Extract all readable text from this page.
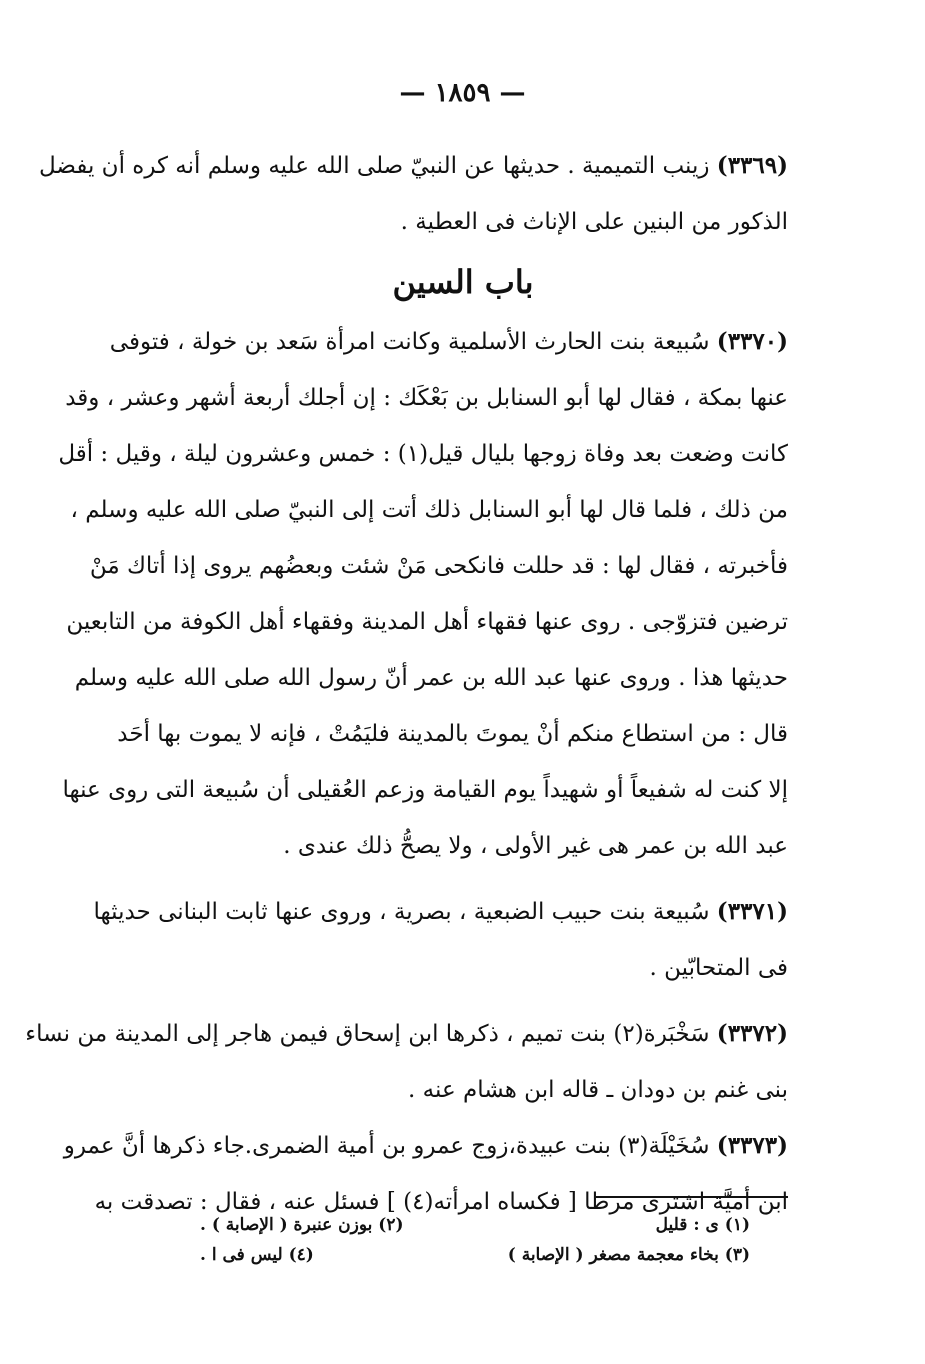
— ١٨٥٩ —
(٣٣٦٩) زينب التميمية . حديثها عن النبيّ صلى الله عليه وسلم أنه كره أن يفضل
الذكور من البنين على الإناث فى العطية .
باب السين
(٣٣٧٠) سُبيعة بنت الحارث الأسلمية وكانت امرأة سَعد بن خولة ، فتوفى
عنها بمكة ، فقال لها أبو السنابل بن بَعْكَك : إن أجلك أربعة أشهر وعشر ، وقد
كانت وضعت بعد وفاة زوجها بليال قيل(١) : خمس وعشرون ليلة ، وقيل : أقل
من ذلك ، فلما قال لها أبو السنابل ذلك أتت إلى النبيّ صلى الله عليه وسلم ،
فأخبرته ، فقال لها : قد حللت فانكحى مَنْ شئت وبعضُهم يروى إذا أتاك مَنْ
ترضين فتزوّجى . روى عنها فقهاء أهل المدينة وفقهاء أهل الكوفة من التابعين
حديثها هذا . وروى عنها عبد الله بن عمر أنّ رسول الله صلى الله عليه وسلم
قال : من استطاع منكم أنْ يموتَ بالمدينة فليَمُتْ ، فإنه لا يموت بها أحَد
إلا كنت له شفيعاً أو شهيداً يوم القيامة وزعم العُقيلى أن سُبيعة التى روى عنها
عبد الله بن عمر هى غير الأولى ، ولا يصحُّ ذلك عندى .
(٣٣٧١) سُبيعة بنت حبيب الضبعية ، بصرية ، وروى عنها ثابت البنانى حديثها
فى المتحابّين .
(٣٣٧٢) سَخْبَرة(٢) بنت تميم ، ذكرها ابن إسحاق فيمن هاجر إلى المدينة من نساء
بنى غنم بن دودان ـ قاله ابن هشام عنه .
(٣٣٧٣) سُخَيْلَة(٣) بنت عبيدة،زوج عمرو بن أمية الضمرى.جاء ذكرها أنَّ عمرو
ابن أميَّة اشترى مرطا [ فكساه امرأته(٤) ] فسئل عنه ، فقال : تصدقت به
(١) ى : قليل
(٢) بوزن عنبرة ( الإصابة ) .
(٣) بخاء معجمة مصغر ( الإصابة )
(٤) ليس فى ا .
